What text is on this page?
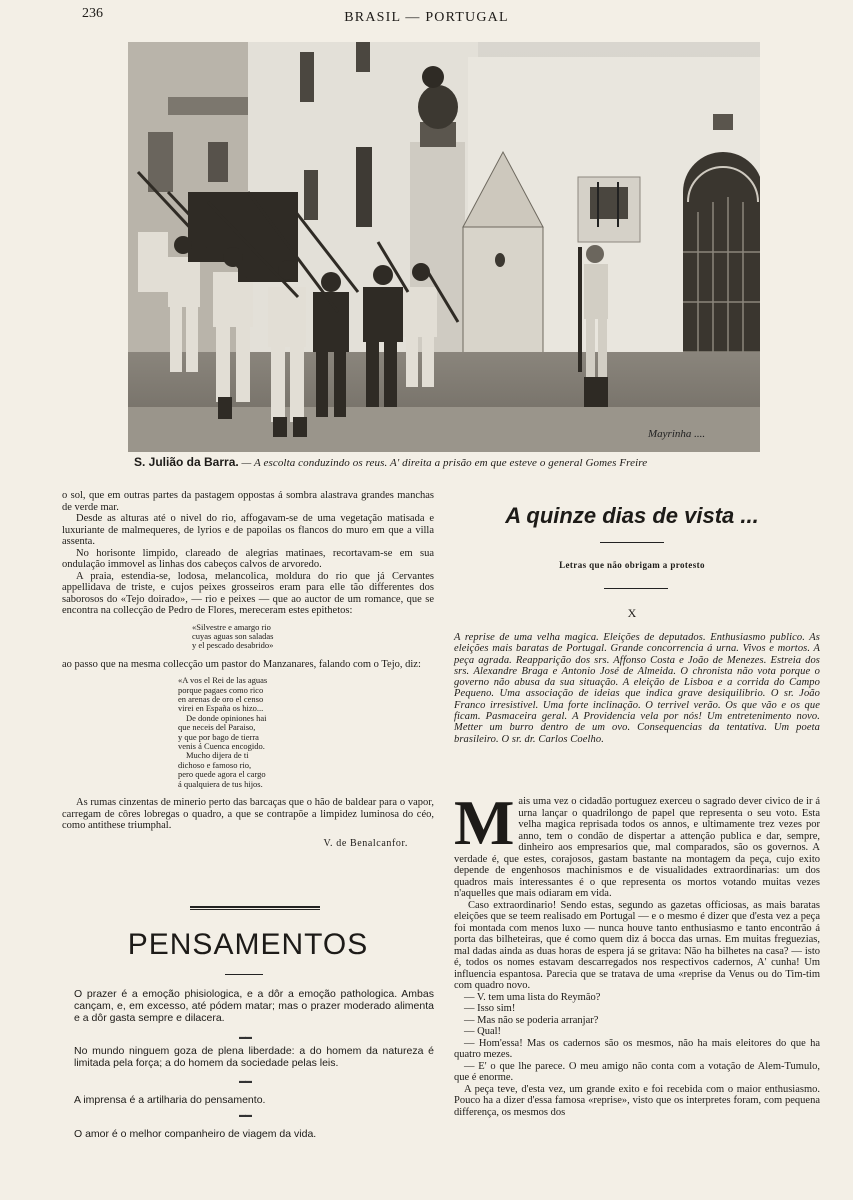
236	BRASIL — PORTUGAL
Mayrinha ....
S. Julião da Barra. — A escolta conduzindo os reus. A' direita a prisão em que esteve o general Gomes Freire

o sol, que em outras partes da pastagem oppostas á sombra alastrava grandes manchas de verde mar.

Desde as alturas até o nivel do rio, affogavam-se de uma vegetação matisada e luxuriante de malmequeres, de lyrios e de papoilas os flancos do muro em que a villa assenta.

No horisonte limpido, clareado de alegrias matinaes, recortavam-se em sua ondulação immovel as linhas dos cabeços calvos de arvoredo.

A praia, estendia-se, lodosa, melancolica, moldura do rio que já Cervantes appellidava de triste, e cujos peixes grosseiros eram para elle tão differentes dos saborosos do «Tejo doirado», — rio e peixes — que ao auctor de um romance, que se encontra na collecção de Pedro de Flores, mereceram estes epithetos:

«Silvestre e amargo rio
cuyas aguas son saladas
y el pescado desabrido»

ao passo que na mesma collecção um pastor do Manzanares, falando com o Tejo, diz:

«A vos el Rei de las aguas
porque pagaes como rico
en arenas de oro el censo
virei en España os hizo...
De donde opiniones hai
que neceis del Paraiso,
y que por bago de tierra
venis á Cuenca encogido.
Mucho dijera de ti
dichoso e famoso rio,
pero quede agora el cargo
á qualquiera de tus hijos.

As rumas cinzentas de minerio perto das barcaças que o hão de baldear para o vapor, carregam de côres lobregas o quadro, a que se contrapõe a limpidez luminosa do céo, como antithese triumphal.

V. de Benalcanfor.
PENSAMENTOS
O prazer é a emoção phisiologica, e a dôr a emoção pathologica. Ambas cançam, e, em excesso, até pódem matar; mas o prazer moderado alimenta e a dôr gasta sempre e dilacera.
▬▬
No mundo ninguem goza de plena liberdade: a do homem da natureza é limitada pela força; a do homem da sociedade pelas leis.
▬▬
A imprensa é a artilharia do pensamento.
▬▬
O amor é o melhor companheiro de viagem da vida.
A quinze dias de vista ...
Letras que não obrigam a protesto
X
A reprise de uma velha magica. Eleições de deputados. Enthusiasmo publico. As eleições mais baratas de Portugal. Grande concorrencia á urna. Vivos e mortos. A peça agrada. Reapparição dos srs. Affonso Costa e João de Menezes. Estreia dos srs. Alexandre Braga e Antonio José de Almeida. O chronista não vota porque o governo não abusa da sua situação. A eleição de Lisboa e a corrida do Campo Pequeno. Uma associação de ideias que indica grave desiquilibrio. O sr. João Franco irresistivel. Uma forte inclinação. O terrivel verão. Os que vão e os que ficam. Pasmaceira geral. A Providencia vela por nós! Um entretenimento novo. Metter um burro dentro de um ovo. Consequencias da tentativa. Um poeta brasileiro. O sr. dr. Carlos Coelho.

Mais uma vez o cidadão portuguez exerceu o sagrado dever civico de ir á urna lançar o quadrilongo de papel que representa o seu voto. Esta velha magica reprisada todos os annos, e ultimamente trez vezes por anno, tem o condão de dispertar a attenção publica e dar, sempre, dinheiro aos empresarios que, mal comparados, são os governos. A verdade é, que estes, corajosos, gastam bastante na montagem da peça, cujo exito depende de engenhosos machinismos e de visualidades extraordinarias: um dos quadros mais interessantes é o que representa os mortos votando muitas vezes n'aquelles que mais odiaram em vida.

Caso extraordinario! Sendo estas, segundo as gazetas officiosas, as mais baratas eleições que se teem realisado em Portugal — e o mesmo é dizer que d'esta vez a peça foi montada com menos luxo — nunca houve tanto enthusiasmo e tanto encontrão á porta das bilheteiras, que é como quem diz á bocca das urnas. Em muitas freguezias, mal dadas ainda as duas horas de espera já se gritava: Não ha bilhetes na casa? — isto é, todos os nomes estavam descarregados nos respectivos cadernos, A' cunha! Um influencia espantosa. Parecia que se tratava de uma «reprise da Venus ou do Tim-tim com quadro novo.

— V. tem uma lista do Reymão?

— Isso sim!

— Mas não se poderia arranjar?

— Qual!

— Hom'essa! Mas os cadernos são os mesmos, não ha mais eleitores do que ha quatro mezes.

— E' o que lhe parece. O meu amigo não conta com a votação de Alem-Tumulo, que é enorme.

A peça teve, d'esta vez, um grande exito e foi recebida com o maior enthusiasmo. Pouco ha a dizer d'essa famosa «reprise», visto que os interpretes foram, com pequena differença, os mesmos dos
